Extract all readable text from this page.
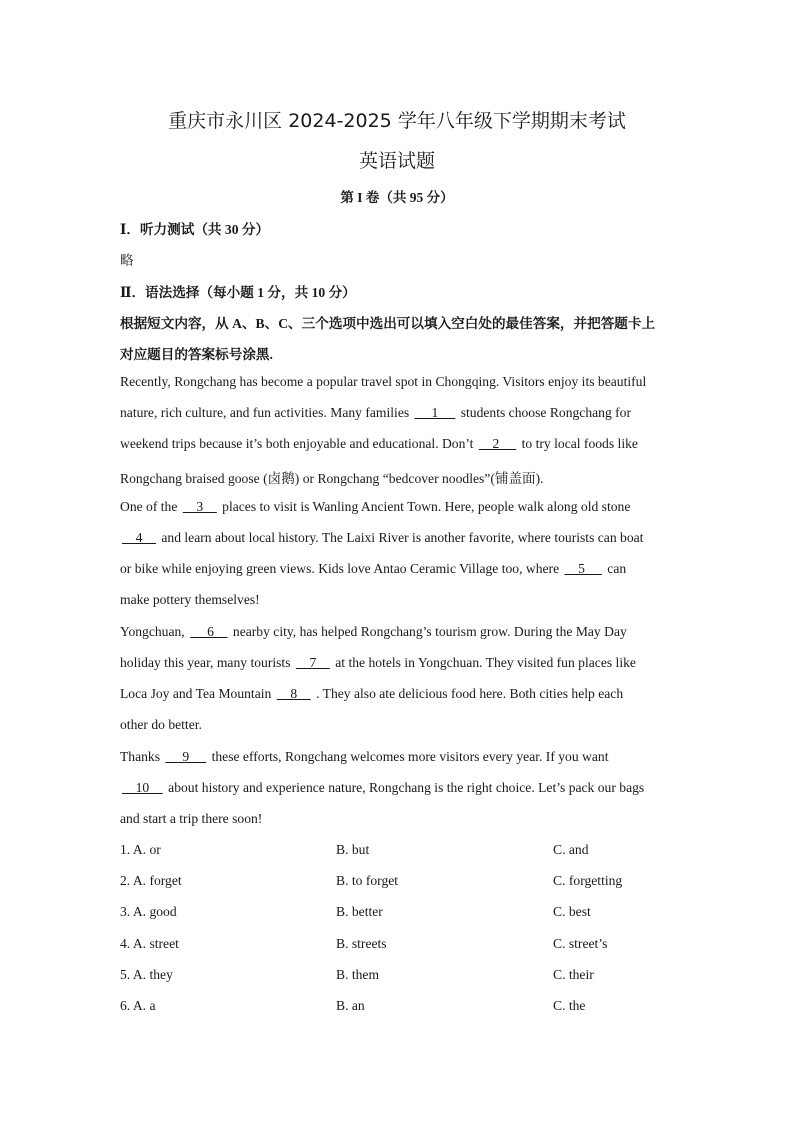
重庆市永川区 2024-2025 学年八年级下学期期末考试
英语试题
第 I 卷（共 95 分）
Ⅰ．听力测试（共 30 分）
略
Ⅱ．语法选择（每小题 1 分，共 10 分）
根据短文内容，从 A、B、C、三个选项中选出可以填入空白处的最佳答案，并把答题卡上
对应题目的答案标号涂黑.
Recently, Rongchang has become a popular travel spot in Chongqing. Visitors enjoy its beautiful
nature, rich culture, and fun activities. Many families      1      students choose Rongchang for
weekend trips because it’s both enjoyable and educational. Don’t     2      to try local foods like
Rongchang braised goose (卤鹅) or Rongchang “bedcover noodles”(铺盖面).
One of the     3     places to visit is Wanling Ancient Town. Here, people walk along old stone
4     and learn about local history. The Laixi River is another favorite, where tourists can boat
or bike while enjoying green views. Kids love Antao Ceramic Village too, where     5      can
make pottery themselves!
Yongchuan,      6     nearby city, has helped Rongchang’s tourism grow. During the May Day
holiday this year, many tourists     7     at the hotels in Yongchuan. They visited fun places like
Loca Joy and Tea Mountain     8     . They also ate delicious food here. Both cities help each
other do better.
Thanks      9      these efforts, Rongchang welcomes more visitors every year. If you want
10     about history and experience nature, Rongchang is the right choice. Let’s pack our bags
and start a trip there soon!
1. A. or	B. but	C. and
2. A. forget	B. to forget	C. forgetting
3. A. good	B. better	C. best
4. A. street	B. streets	C. street’s
5. A. they	B. them	C. their
6. A. a	B. an	C. the
